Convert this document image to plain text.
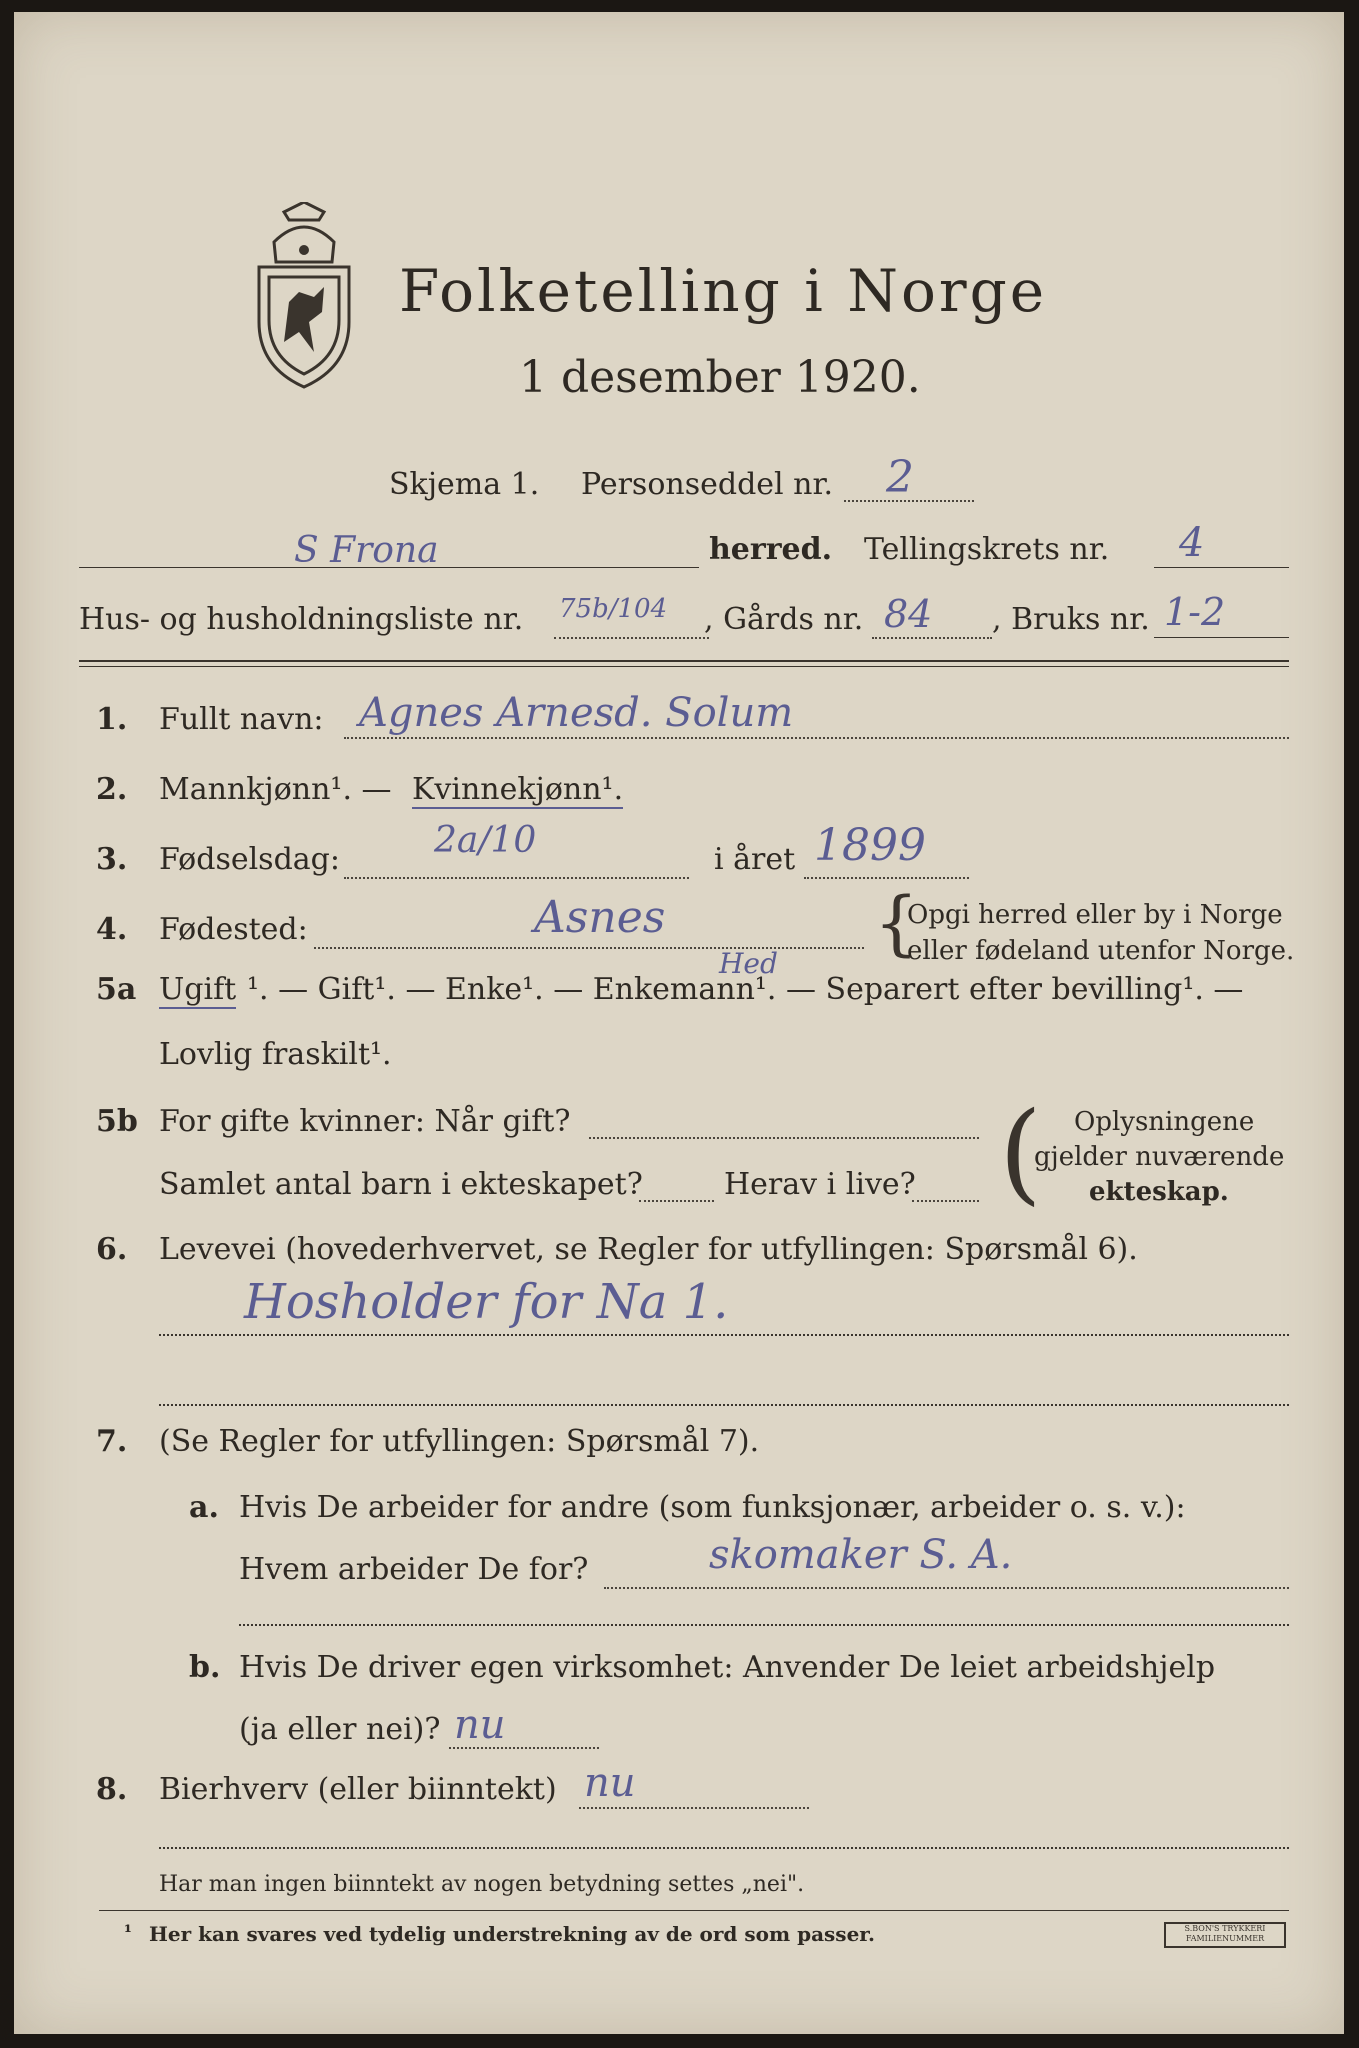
Folketelling i Norge
1 desember 1920.
Skjema 1. Personseddel nr. 2
S Frona	herred. Tellingskrets nr. 4
Hus- og husholdningsliste nr. 75b/104 , Gårds nr. 84 , Bruks nr. 1-2
1.	Fullt navn: Agnes Arnesd. Solum
2.	Mannkjønn¹. — Kvinnekjønn¹.
3.	Fødselsdag:	2a/10	i året 1899
4.	Fødested:	Asnes
Hed {
Opgi herred eller by i Norge
eller fødeland utenfor Norge.
5a Ugift ¹. — Gift¹. — Enke¹. — Enkemann¹. — Separert efter bevilling¹. —
Lovlig fraskilt¹.
5b For gifte kvinner: Når gift?
Samlet antal barn i ekteskapet?	Herav i live? ( Oplysningene
gjelder nuværende
ekteskap.
6.	Levevei (hovederhvervet, se Regler for utfyllingen: Spørsmål 6).
Hosholder for Na 1.
7.	(Se Regler for utfyllingen: Spørsmål 7).
a. Hvis De arbeider for andre (som funksjonær, arbeider o. s. v.):
Hvem arbeider De for?	skomaker S. A.
b. Hvis De driver egen virksomhet: Anvender De leiet arbeidshjelp
(ja eller nei)? nu
8.	Bierhverv (eller biinntekt) nu
Har man ingen biinntekt av nogen betydning settes „nei".
¹ Her kan svares ved tydelig understrekning av de ord som passer.	S.BON'S TRYKKERI FAMILIENUMMER
